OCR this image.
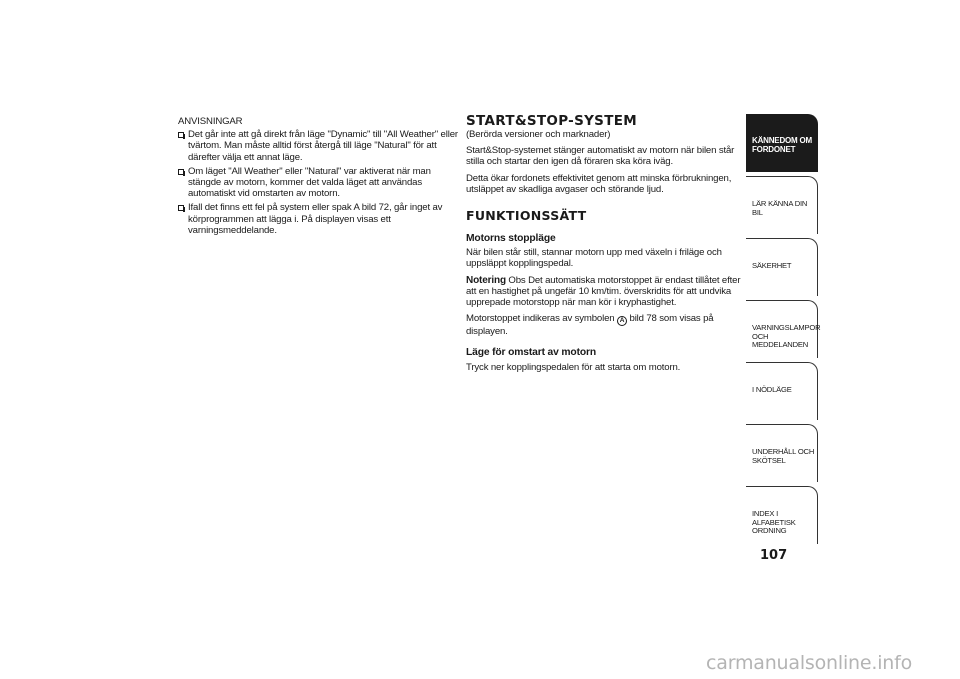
ANVISNINGAR
Det går inte att gå direkt från läge "Dynamic" till "All Weather" eller tvärtom. Man måste alltid först återgå till läge "Natural" för att därefter välja ett annat läge.
Om läget "All Weather" eller "Natural" var aktiverat när man stängde av motorn, kommer det valda läget att användas automatiskt vid omstarten av motorn.
Ifall det finns ett fel på system eller spak A bild 72, går inget av körprogrammen att lägga i. På displayen visas ett varningsmeddelande.
START&STOP-SYSTEM

(Berörda versioner och marknader)

Start&Stop-systemet stänger automatiskt av motorn när bilen står stilla och startar den igen då föraren ska köra iväg.

Detta ökar fordonets effektivitet genom att minska förbrukningen, utsläppet av skadliga avgaser och störande ljud.

FUNKTIONSSÄTT

Motorns stoppläge

När bilen står still, stannar motorn upp med växeln i friläge och uppsläppt kopplingspedal.

Notering Obs Det automatiska motorstoppet är endast tillåtet efter att en hastighet på ungefär 10 km/tim. överskridits för att undvika upprepade motorstopp när man kör i kryphastighet.

Motorstoppet indikeras av symbolen A bild 78 som visas på displayen.

Läge för omstart av motorn

Tryck ner kopplingspedalen för att starta om motorn.

KÄNNEDOM OM FORDONET
LÄR KÄNNA DIN BIL
SÄKERHET
VARNINGSLAMPOR OCH MEDDELANDEN
I NÖDLÄGE
UNDERHÅLL OCH SKÖTSEL
INDEX I ALFABETISK ORDNING
107
carmanualsonline.info
